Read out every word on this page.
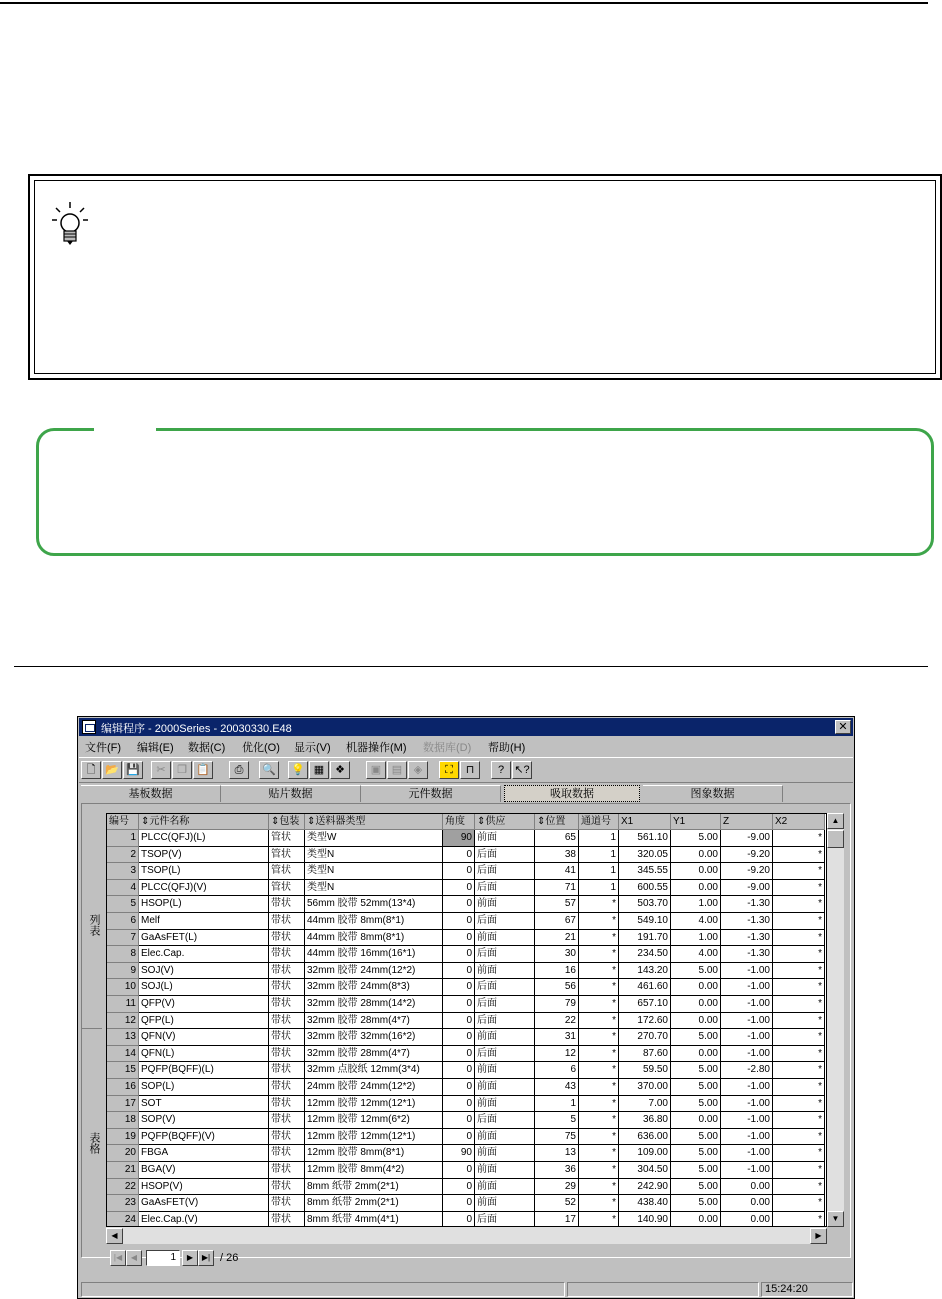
编辑程序 - 2000Series - 20030330.E48	✕
文件(F) 编辑(E) 数据(C) 优化(O) 显示(V) 机器操作(M) 数据库(D) 帮助(H)
🗋 📂 💾	✂	❐ 📋	⎙	🔍 💡 ▦ ❖	▣ ▤	◈	⛶	⊓	? ↖?
基板数据	贴片数据	元件数据	吸取数据	图象数据
列表
表格
编号	⇕元件名称	⇕包装 ⇕送料器类型	角度	⇕供应	⇕位置	通道号	X1	Y1	Z	X2
1 PLCC(QFJ)(L)	管状	类型W	90 前面	65	1	561.10	5.00	-9.00	*
2 TSOP(V)	管状	类型N	0 后面	38	1	320.05	0.00	-9.20	*
3 TSOP(L)	管状	类型N	0 后面	41	1	345.55	0.00	-9.20	*
4 PLCC(QFJ)(V)	管状	类型N	0 后面	71	1	600.55	0.00	-9.00	*
5 HSOP(L)	带状	56mm 胶带 52mm(13*4)	0 前面	57	*	503.70	1.00	-1.30	*
6 Melf	带状	44mm 胶带 8mm(8*1)	0 后面	67	*	549.10	4.00	-1.30	*
7 GaAsFET(L)	带状	44mm 胶带 8mm(8*1)	0 前面	21	*	191.70	1.00	-1.30	*
8 Elec.Cap.	带状	44mm 胶带 16mm(16*1)	0 后面	30	*	234.50	4.00	-1.30	*
9 SOJ(V)	带状	32mm 胶带 24mm(12*2)	0 前面	16	*	143.20	5.00	-1.00	*
10 SOJ(L)	带状	32mm 胶带 24mm(8*3)	0 后面	56	*	461.60	0.00	-1.00	*
11 QFP(V)	带状	32mm 胶带 28mm(14*2)	0 后面	79	*	657.10	0.00	-1.00	*
12 QFP(L)	带状	32mm 胶带 28mm(4*7)	0 后面	22	*	172.60	0.00	-1.00	*
13 QFN(V)	带状	32mm 胶带 32mm(16*2)	0 前面	31	*	270.70	5.00	-1.00	*
14 QFN(L)	带状	32mm 胶带 28mm(4*7)	0 后面	12	*	87.60	0.00	-1.00	*
15 PQFP(BQFF)(L)	带状	32mm 点胶纸 12mm(3*4)	0 前面	6	*	59.50	5.00	-2.80	*
16 SOP(L)	带状	24mm 胶带 24mm(12*2)	0 前面	43	*	370.00	5.00	-1.00	*
17 SOT	带状	12mm 胶带 12mm(12*1)	0 前面	1	*	7.00	5.00	-1.00	*
18 SOP(V)	带状	12mm 胶带 12mm(6*2)	0 后面	5	*	36.80	0.00	-1.00	*
19 PQFP(BQFF)(V)	带状	12mm 胶带 12mm(12*1)	0 前面	75	*	636.00	5.00	-1.00	*
20 FBGA	带状	12mm 胶带 8mm(8*1)	90 前面	13	*	109.00	5.00	-1.00	*
21 BGA(V)	带状	12mm 胶带 8mm(4*2)	0 前面	36	*	304.50	5.00	-1.00	*
22 HSOP(V)	带状	8mm 纸带 2mm(2*1)	0 前面	29	*	242.90	5.00	0.00	*
23 GaAsFET(V)	带状	8mm 纸带 2mm(2*1)	0 前面	52	*	438.40	5.00	0.00	*
24 Elec.Cap.(V)	带状	8mm 纸带 4mm(4*1)	0 后面	17	*	140.90	0.00	0.00	*
▲
▼
◀	▶
|◀	◀	1	▶	▶| / 26
15:24:20
